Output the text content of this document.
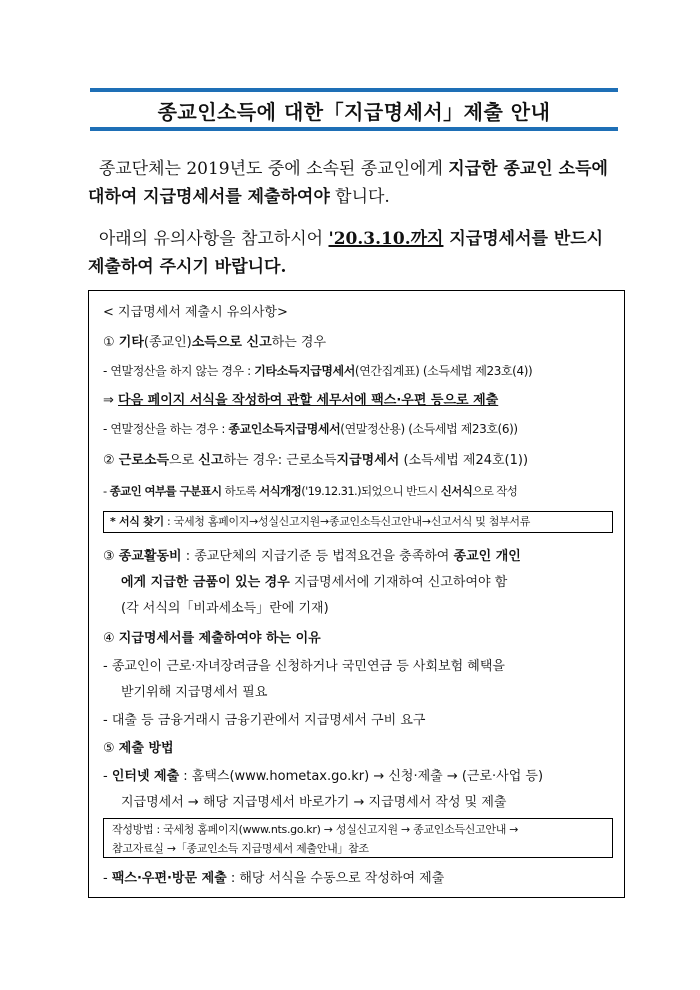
종교인소득에 대한「지급명세서」제출 안내
종교단체는 2019년도 중에 소속된 종교인에게 지급한 종교인 소득에 대하여 지급명세서를 제출하여야 합니다.
아래의 유의사항을 참고하시어 '20.3.10.까지 지급명세서를 반드시 제출하여 주시기 바랍니다.
< 지급명세서 제출시 유의사항>
① 기타(종교인)소득으로 신고하는 경우
- 연말정산을 하지 않는 경우 : 기타소득지급명세서(연간집계표) (소득세법 제23호(4))
⇒ 다음 페이지 서식을 작성하여 관할 세무서에 팩스·우편 등으로 제출
- 연말정산을 하는 경우 : 종교인소득지급명세서(연말정산용) (소득세법 제23호(6))
② 근로소득으로 신고하는 경우: 근로소득지급명세서 (소득세법 제24호(1))
- 종교인 여부를 구분표시 하도록 서식개정('19.12.31.)되었으니 반드시 신서식으로 작성
* 서식 찾기 : 국세청 홈페이지→성실신고지원→종교인소득신고안내→신고서식 및 첨부서류
③ 종교활동비 : 종교단체의 지급기준 등 법적요건을 충족하여 종교인 개인
에게 지급한 금품이 있는 경우 지급명세서에 기재하여 신고하여야 함
(각 서식의「비과세소득」란에 기재)
④ 지급명세서를 제출하여야 하는 이유
- 종교인이 근로·자녀장려금을 신청하거나 국민연금 등 사회보험 혜택을
받기위해 지급명세서 필요
- 대출 등 금융거래시 금융기관에서 지급명세서 구비 요구
⑤ 제출 방법
- 인터넷 제출 : 홈택스(www.hometax.go.kr) → 신청·제출 → (근로·사업 등)
지급명세서 → 해당 지급명세서 바로가기 → 지급명세서 작성 및 제출
작성방법 : 국세청 홈페이지(www.nts.go.kr) → 성실신고지원 → 종교인소득신고안내 →
참고자료실 →「종교인소득 지급명세서 제출안내」참조
- 팩스·우편·방문 제출 : 해당 서식을 수동으로 작성하여 제출
